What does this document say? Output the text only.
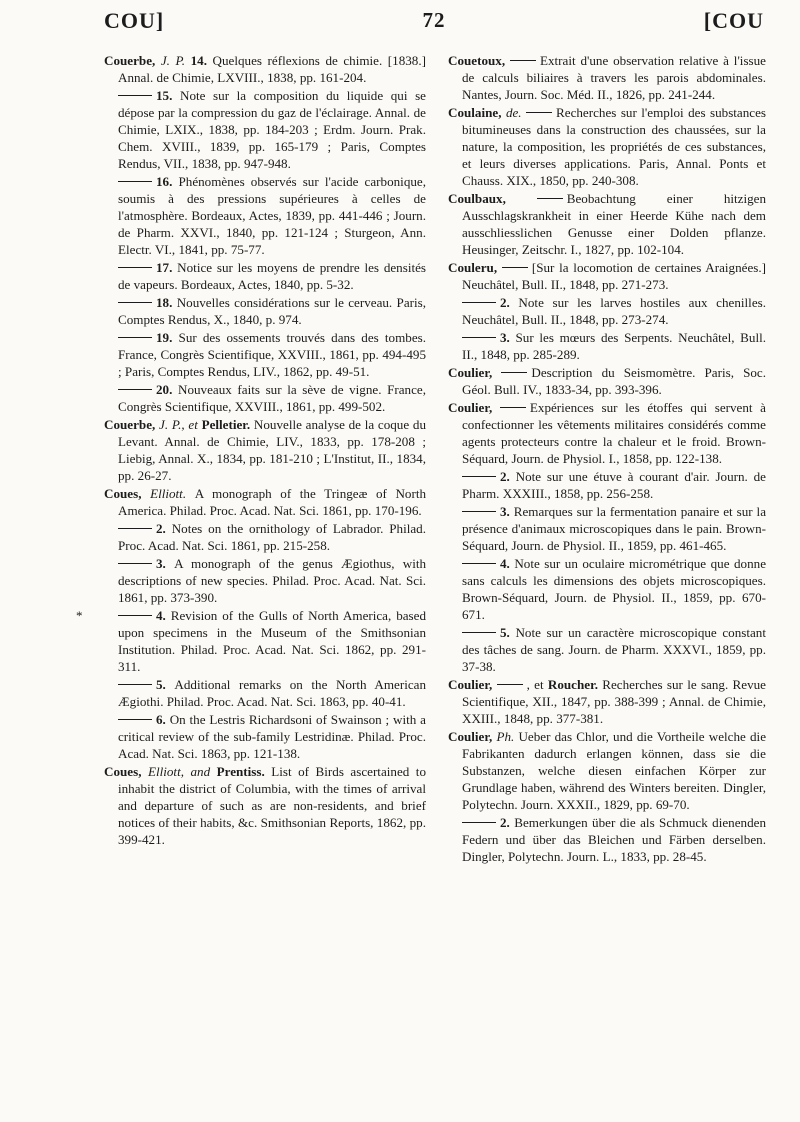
COU]	72	[COU
*

Couerbe, J. P. 14. Quelques réflexions de chimie. [1838.] Annal. de Chimie, LXVIII., 1838, pp. 161-204.

15. Note sur la composition du liquide qui se dépose par la compression du gaz de l'éclairage. Annal. de Chimie, LXIX., 1838, pp. 184-203 ; Erdm. Journ. Prak. Chem. XVIII., 1839, pp. 165-179 ; Paris, Comptes Rendus, VII., 1838, pp. 947-948.

16. Phénomènes observés sur l'acide carbonique, soumis à des pressions supérieures à celles de l'atmosphère. Bordeaux, Actes, 1839, pp. 441-446 ; Journ. de Pharm. XXVI., 1840, pp. 121-124 ; Sturgeon, Ann. Electr. VI., 1841, pp. 75-77.

17. Notice sur les moyens de prendre les densités de vapeurs. Bordeaux, Actes, 1840, pp. 5-32.

18. Nouvelles considérations sur le cerveau. Paris, Comptes Rendus, X., 1840, p. 974.

19. Sur des ossements trouvés dans des tombes. France, Congrès Scientifique, XXVIII., 1861, pp. 494-495 ; Paris, Comptes Rendus, LIV., 1862, pp. 49-51.

20. Nouveaux faits sur la sève de vigne. France, Congrès Scientifique, XXVIII., 1861, pp. 499-502.

Couerbe, J. P., et Pelletier. Nouvelle analyse de la coque du Levant. Annal. de Chimie, LIV., 1833, pp. 178-208 ; Liebig, Annal. X., 1834, pp. 181-210 ; L'Institut, II., 1834, pp. 26-27.

Coues, Elliott. A monograph of the Tringeæ of North America. Philad. Proc. Acad. Nat. Sci. 1861, pp. 170-196.

2. Notes on the ornithology of Labrador. Philad. Proc. Acad. Nat. Sci. 1861, pp. 215-258.

3. A monograph of the genus Ægiothus, with descriptions of new species. Philad. Proc. Acad. Nat. Sci. 1861, pp. 373-390.

4. Revision of the Gulls of North America, based upon specimens in the Museum of the Smithsonian Institution. Philad. Proc. Acad. Nat. Sci. 1862, pp. 291-311.

5. Additional remarks on the North American Ægiothi. Philad. Proc. Acad. Nat. Sci. 1863, pp. 40-41.

6. On the Lestris Richardsoni of Swainson ; with a critical review of the sub-family Lestridinæ. Philad. Proc. Acad. Nat. Sci. 1863, pp. 121-138.

Coues, Elliott, and Prentiss. List of Birds ascertained to inhabit the district of Columbia, with the times of arrival and departure of such as are non-residents, and brief notices of their habits, &c. Smithsonian Reports, 1862, pp. 399-421.

Couetoux, Extrait d'une observation relative à l'issue de calculs biliaires à travers les parois abdominales. Nantes, Journ. Soc. Méd. II., 1826, pp. 241-244.

Coulaine, de. Recherches sur l'emploi des substances bitumineuses dans la construction des chaussées, sur la nature, la composition, les propriétés de ces substances, et leurs diverses applications. Paris, Annal. Ponts et Chauss. XIX., 1850, pp. 240-308.

Coulbaux, Beobachtung einer hitzigen Ausschlagskrankheit in einer Heerde Kühe nach dem ausschliesslichen Genusse einer Dolden pflanze. Heusinger, Zeitschr. I., 1827, pp. 102-104.

Couleru, [Sur la locomotion de certaines Araignées.] Neuchâtel, Bull. II., 1848, pp. 271-273.

2. Note sur les larves hostiles aux chenilles. Neuchâtel, Bull. II., 1848, pp. 273-274.

3. Sur les mœurs des Serpents. Neuchâtel, Bull. II., 1848, pp. 285-289.

Coulier, Description du Seismomètre. Paris, Soc. Géol. Bull. IV., 1833-34, pp. 393-396.

Coulier, Expériences sur les étoffes qui servent à confectionner les vêtements militaires considérés comme agents protecteurs contre la chaleur et le froid. Brown-Séquard, Journ. de Physiol. I., 1858, pp. 122-138.

2. Note sur une étuve à courant d'air. Journ. de Pharm. XXXIII., 1858, pp. 256-258.

3. Remarques sur la fermentation panaire et sur la présence d'animaux microscopiques dans le pain. Brown-Séquard, Journ. de Physiol. II., 1859, pp. 461-465.

4. Note sur un oculaire micrométrique que donne sans calculs les dimensions des objets microscopiques. Brown-Séquard, Journ. de Physiol. II., 1859, pp. 670-671.

5. Note sur un caractère microscopique constant des tâches de sang. Journ. de Pharm. XXXVI., 1859, pp. 37-38.

Coulier, , et Roucher. Recherches sur le sang. Revue Scientifique, XII., 1847, pp. 388-399 ; Annal. de Chimie, XXIII., 1848, pp. 377-381.

Coulier, Ph. Ueber das Chlor, und die Vortheile welche die Fabrikanten dadurch erlangen können, dass sie die Substanzen, welche diesen einfachen Körper zur Grundlage haben, während des Winters bereiten. Dingler, Polytechn. Journ. XXXII., 1829, pp. 69-70.

2. Bemerkungen über die als Schmuck dienenden Federn und über das Bleichen und Färben derselben. Dingler, Polytechn. Journ. L., 1833, pp. 28-45.
